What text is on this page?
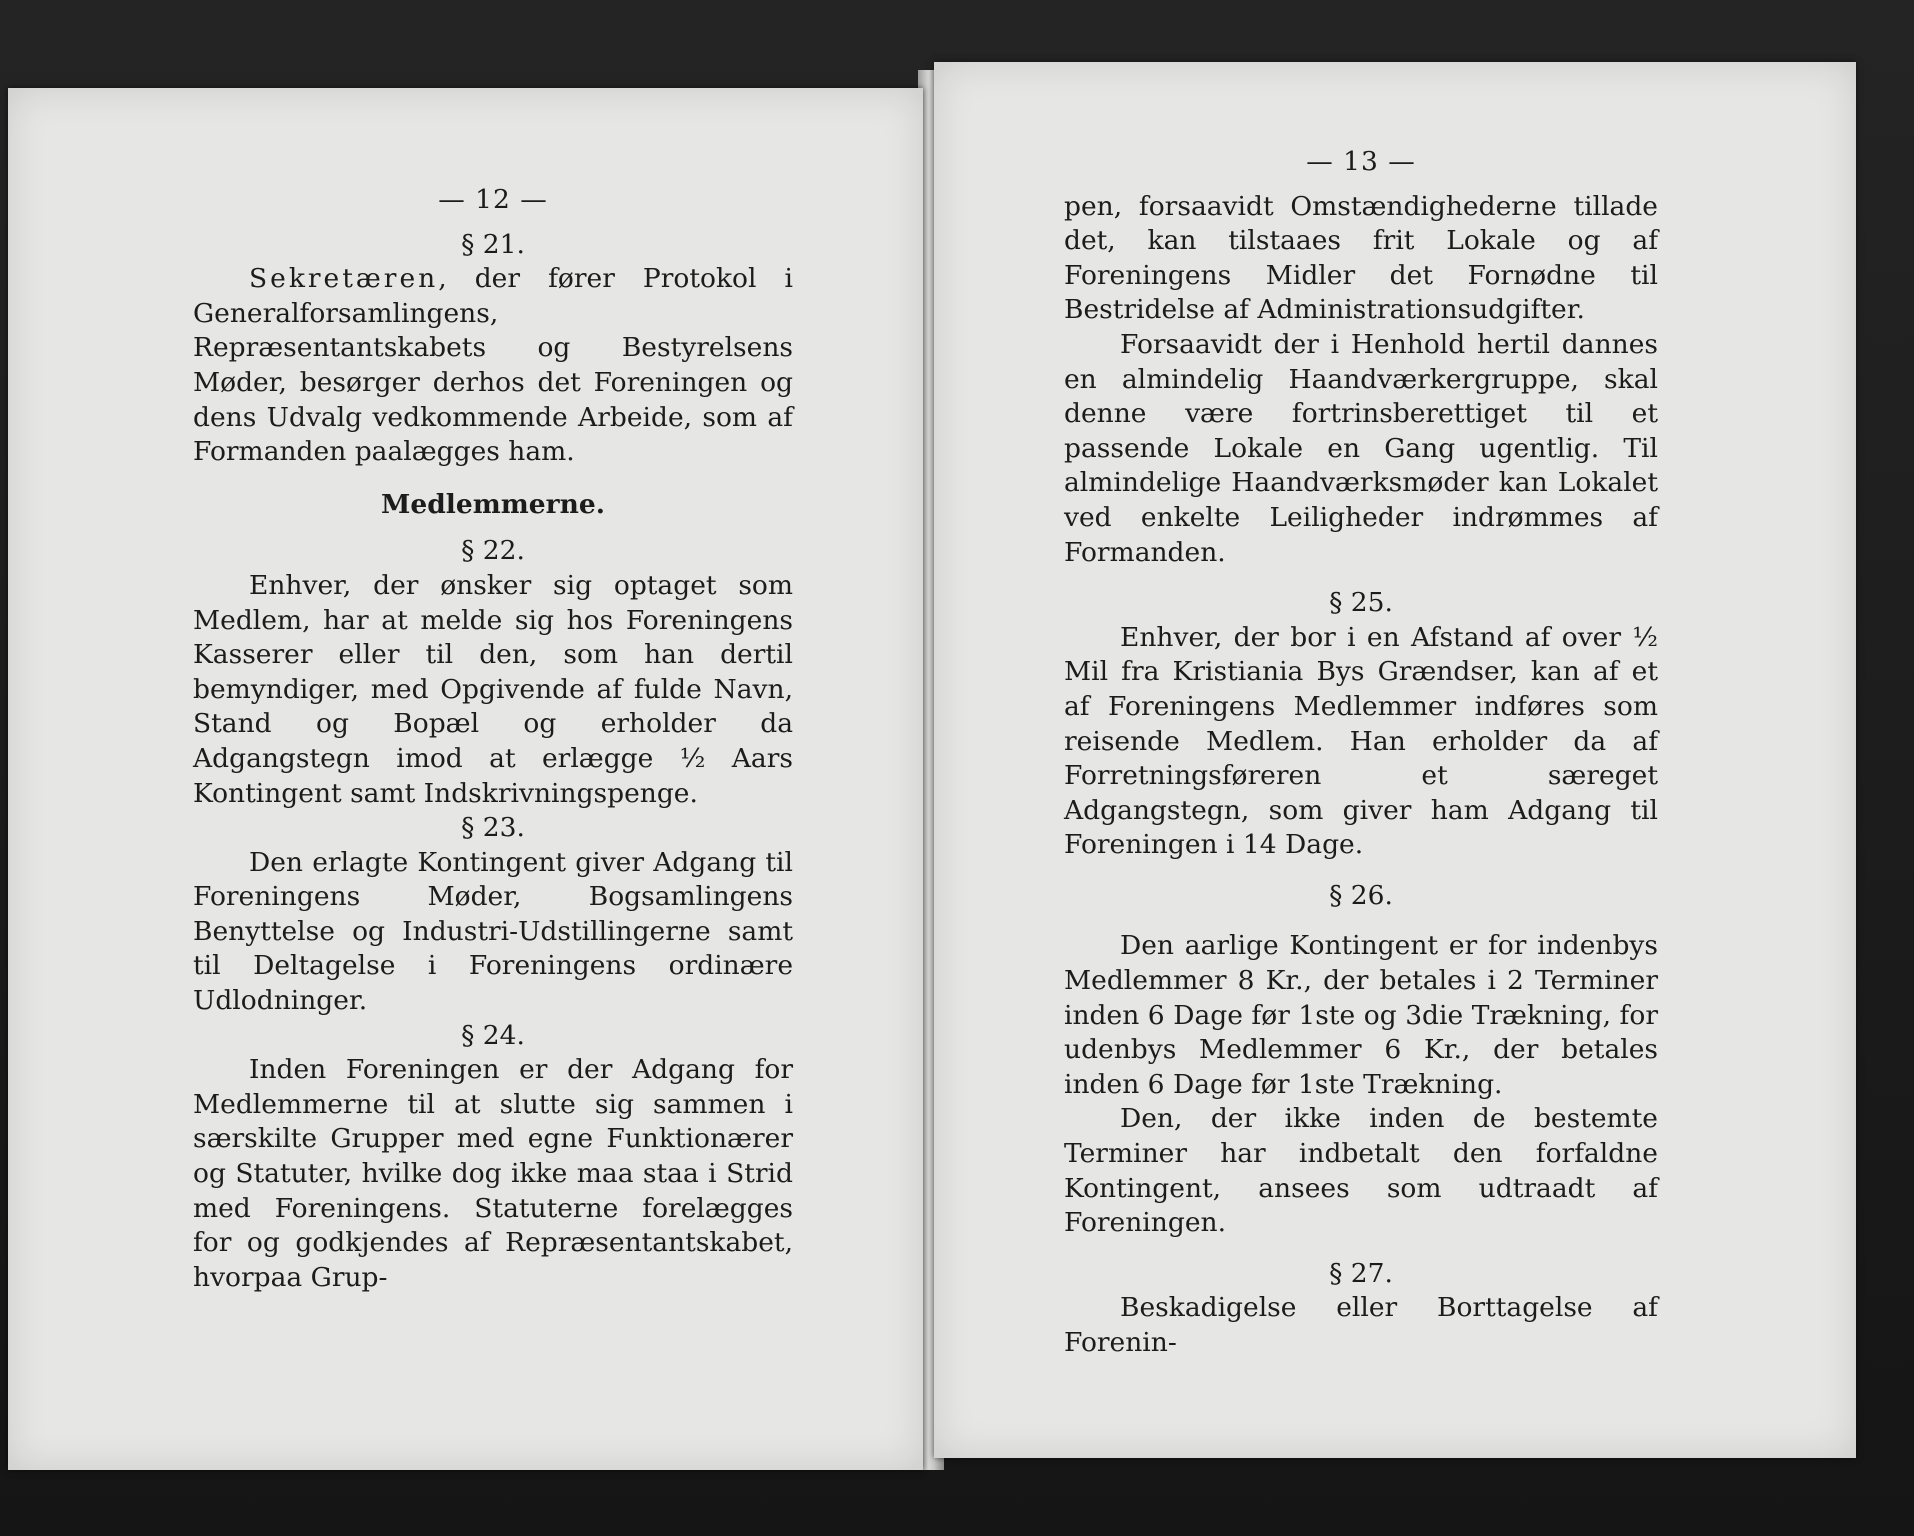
— 12 —
§ 21.

Sekretæren, der fører Protokol i Generalforsamlingens, Repræsentantskabets og Bestyrelsens Møder, besørger derhos det Foreningen og dens Udvalg vedkommende Arbeide, som af Formanden paalægges ham.

Medlemmerne.
§ 22.

Enhver, der ønsker sig optaget som Medlem, har at melde sig hos Foreningens Kasserer eller til den, som han dertil bemyndiger, med Opgivende af fulde Navn, Stand og Bopæl og erholder da Adgangstegn imod at erlægge ½ Aars Kontingent samt Indskrivningspenge.

§ 23.

Den erlagte Kontingent giver Adgang til Foreningens Møder, Bogsamlingens Benyttelse og Industri-Udstillingerne samt til Deltagelse i Foreningens ordinære Udlodninger.

§ 24.

Inden Foreningen er der Adgang for Medlemmerne til at slutte sig sammen i særskilte Grupper med egne Funktionærer og Statuter, hvilke dog ikke maa staa i Strid med Foreningens. Statuterne forelægges for og godkjendes af Repræsentantskabet, hvorpaa Grup-

— 13 —

pen, forsaavidt Omstændighederne tillade det, kan tilstaaes frit Lokale og af Foreningens Midler det Fornødne til Bestridelse af Administrationsudgifter.

Forsaavidt der i Henhold hertil dannes en almindelig Haandværkergruppe, skal denne være fortrinsberettiget til et passende Lokale en Gang ugentlig. Til almindelige Haandværksmøder kan Lokalet ved enkelte Leiligheder indrømmes af Formanden.

§ 25.

Enhver, der bor i en Afstand af over ½ Mil fra Kristiania Bys Grændser, kan af et af Foreningens Medlemmer indføres som reisende Medlem. Han erholder da af Forretningsføreren et særeget Adgangstegn, som giver ham Adgang til Foreningen i 14 Dage.

§ 26.

Den aarlige Kontingent er for indenbys Medlemmer 8 Kr., der betales i 2 Terminer inden 6 Dage før 1ste og 3die Trækning, for udenbys Medlemmer 6 Kr., der betales inden 6 Dage før 1ste Trækning.

Den, der ikke inden de bestemte Terminer har indbetalt den forfaldne Kontingent, ansees som udtraadt af Foreningen.

§ 27.

Beskadigelse eller Borttagelse af Forenin-
